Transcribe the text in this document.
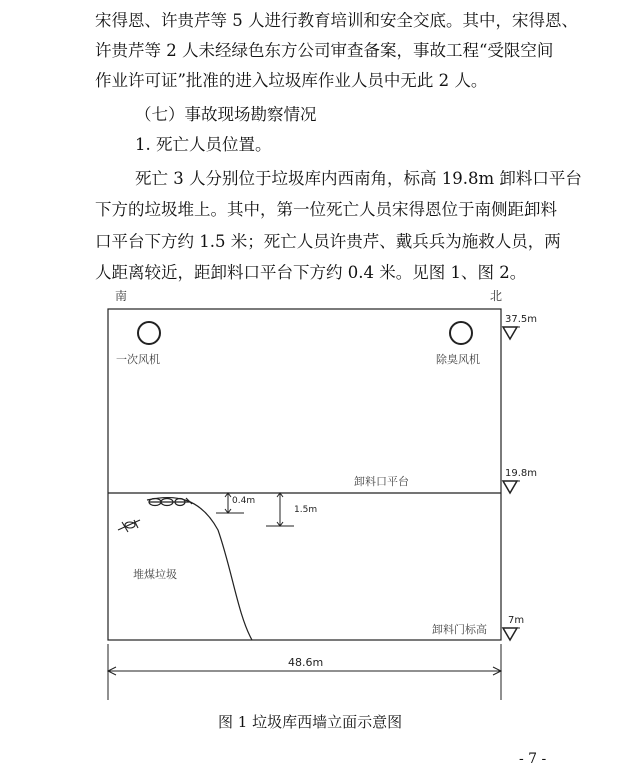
宋得恩、许贵芹等 5 人进行教育培训和安全交底。其中，宋得恩、
许贵芹等 2 人未经绿色东方公司审查备案，事故工程“受限空间
作业许可证”批准的进入垃圾库作业人员中无此 2 人。
（七）事故现场勘察情况
1. 死亡人员位置。
死亡 3 人分别位于垃圾库内西南角，标高 19.8m 卸料口平台
下方的垃圾堆上。其中，第一位死亡人员宋得恩位于南侧距卸料
口平台下方约 1.5 米；死亡人员许贵芹、戴兵兵为施救人员，两
人距离较近，距卸料口平台下方约 0.4 米。见图 1、图 2。
南	北
一次风机	除臭风机
37.5m
19.8m
7m
卸料口平台
0.4m
1.5m
堆煤垃圾
卸料门标高
48.6m
图 1 垃圾库西墙立面示意图
- 7 -
